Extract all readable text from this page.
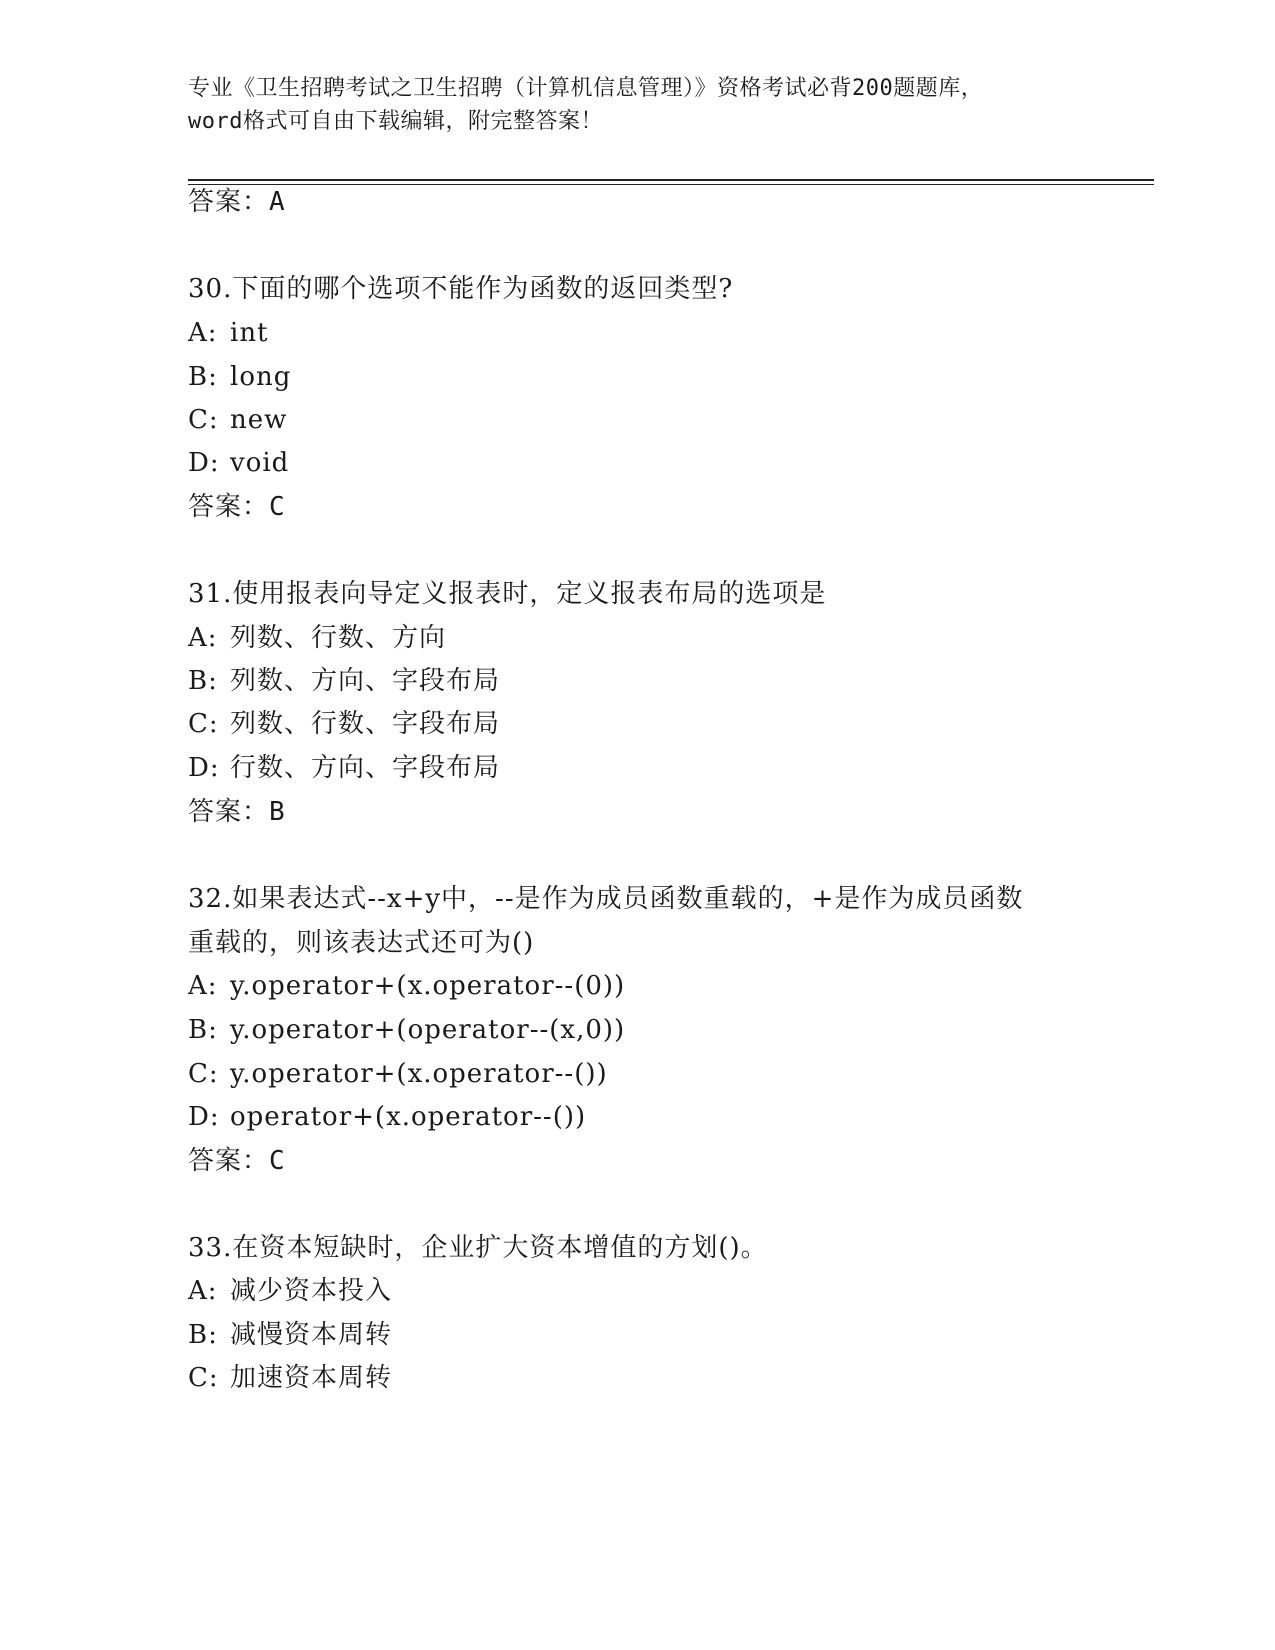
专业《卫生招聘考试之卫生招聘（计算机信息管理）》资格考试必背200题题库，
word格式可自由下载编辑，附完整答案！
答案：A
30.下面的哪个选项不能作为函数的返回类型?
A: int
B: long
C: new
D: void
答案：C
31.使用报表向导定义报表时，定义报表布局的选项是
A: 列数、行数、方向
B: 列数、方向、字段布局
C: 列数、行数、字段布局
D: 行数、方向、字段布局
答案：B
32.如果表达式--x+y中，--是作为成员函数重载的，+是作为成员函数
重载的，则该表达式还可为()
A: y.operator+(x.operator--(0))
B: y.operator+(operator--(x,0))
C: y.operator+(x.operator--())
D: operator+(x.operator--())
答案：C
33.在资本短缺时，企业扩大资本增值的方划()。
A: 减少资本投入
B: 减慢资本周转
C: 加速资本周转
